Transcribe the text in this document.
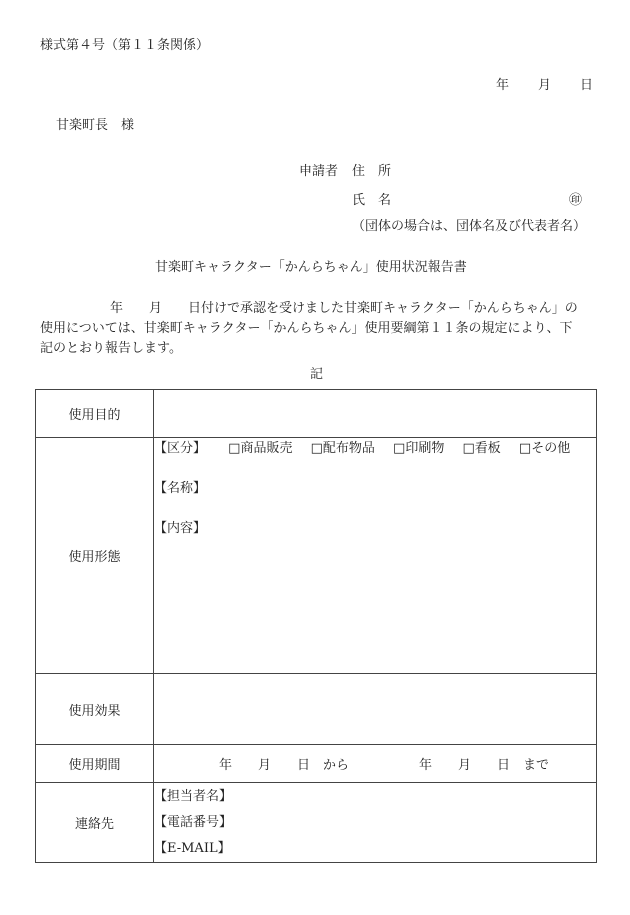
様式第４号（第１１条関係）
年 月 日
甘楽町長　様
申請者 住　所
氏　名	㊞
（団体の場合は、団体名及び代表者名）
甘楽町キャラクター「かんらちゃん」使用状況報告書
年　　月　　日付けで承認を受けました甘楽町キャラクター「かんらちゃん」の
使用については、甘楽町キャラクター「かんらちゃん」使用要綱第１１条の規定により、下
記のとおり報告します。
記
使用目的	
使用形態	【区分】 □商品販売 □配布物品 □印刷物 □看板 □その他
【名称】
【内容】

使用効果	
使用期間	年　　月　　日　から 年　　月　　日　まで
連絡先	【担当者名】
【電話番号】
【E-MAIL】
